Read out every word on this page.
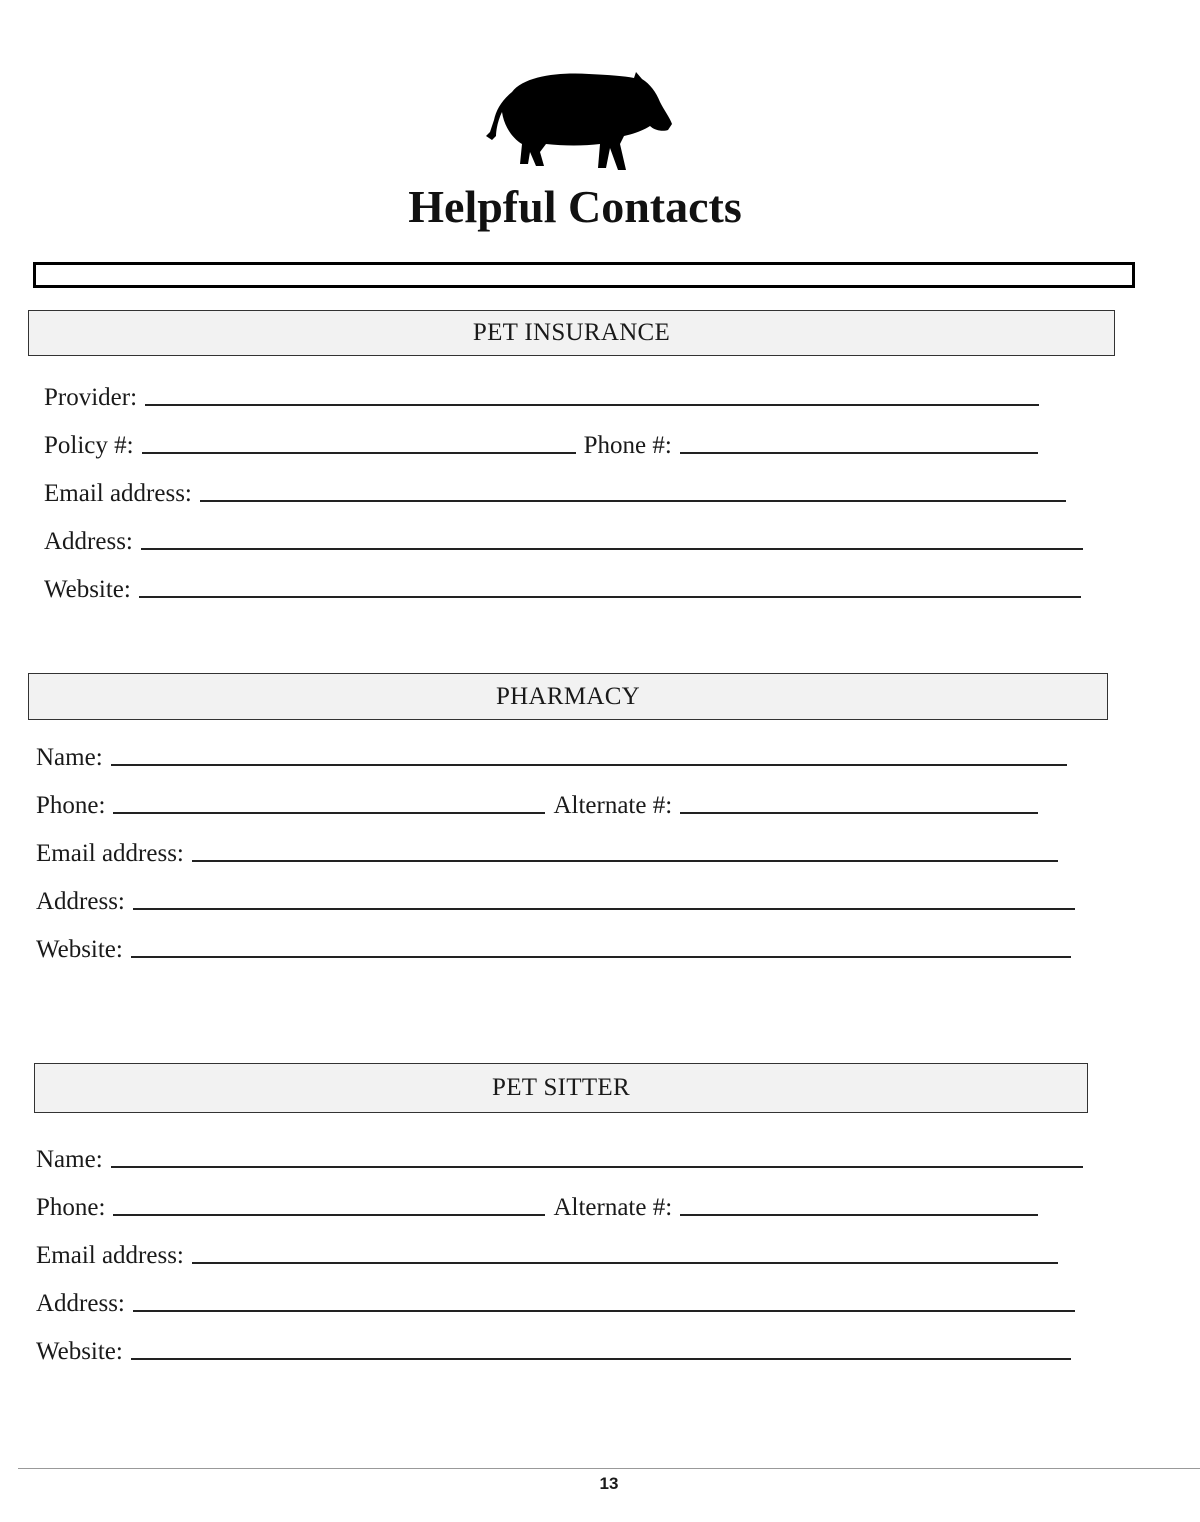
Helpful Contacts
PET INSURANCE
Provider:
Policy #:	Phone #:
Email address:
Address:
Website:
PHARMACY
Name:
Phone:	Alternate #:
Email address:
Address:
Website:
PET SITTER
Name:
Phone:	Alternate #:
Email address:
Address:
Website:
13
